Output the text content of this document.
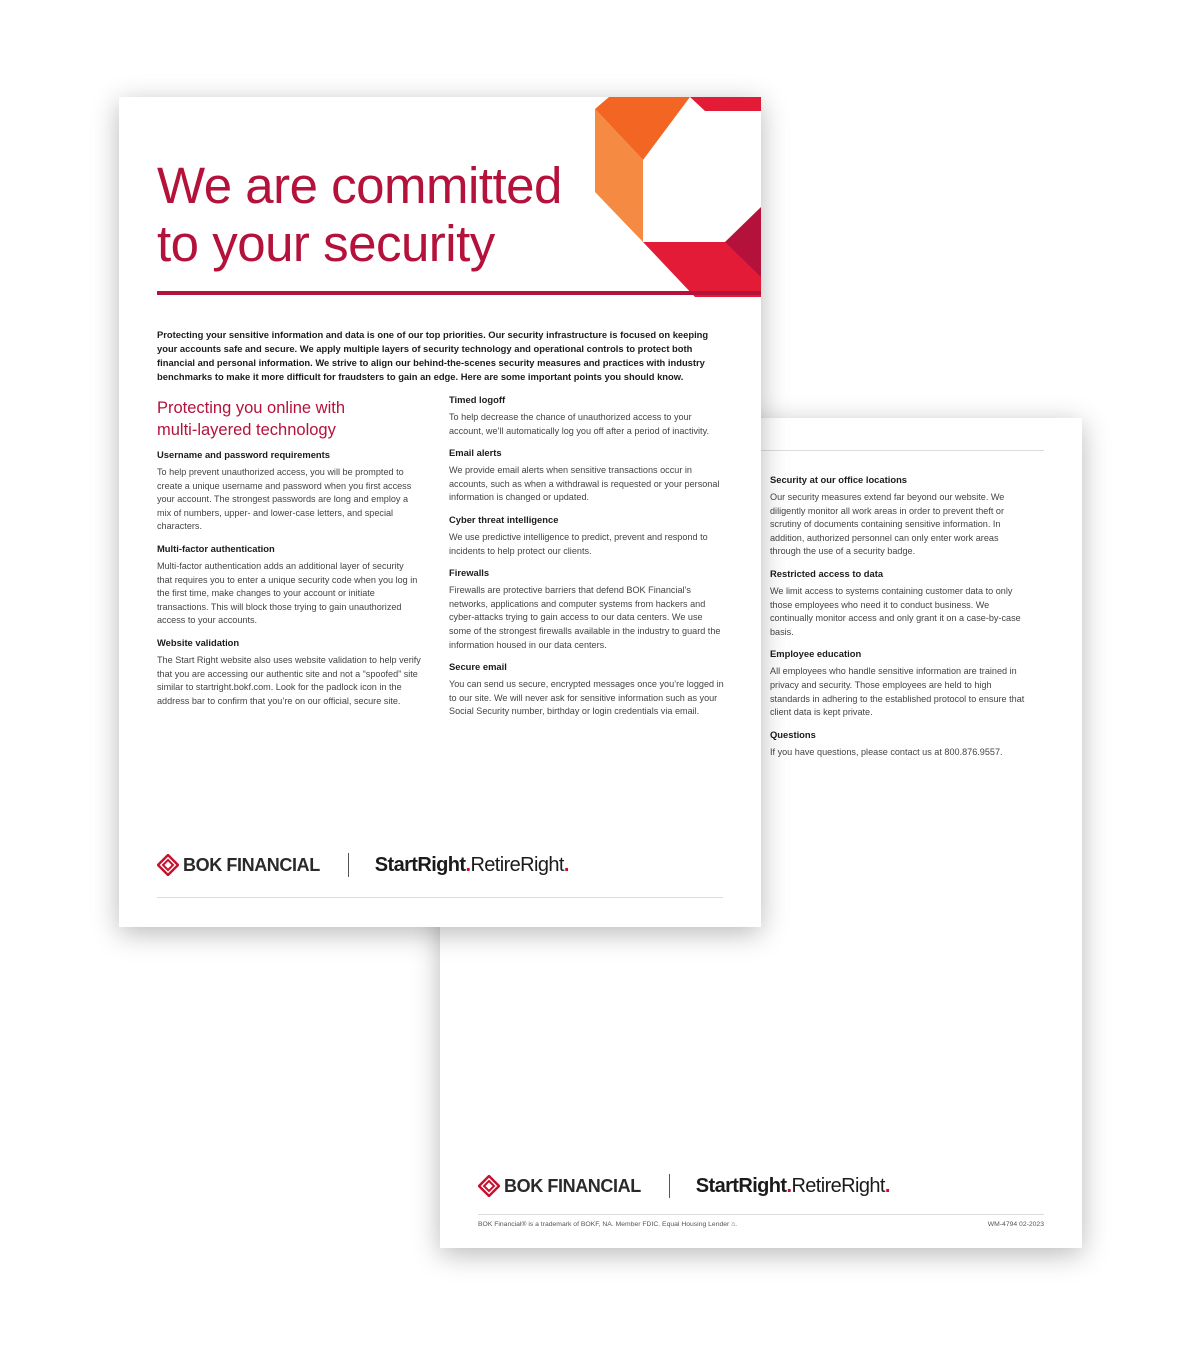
Security at our office locations

Our security measures extend far beyond our website. We diligently monitor all work areas in order to prevent theft or scrutiny of documents containing sensitive information. In addition, authorized personnel can only enter work areas through the use of a security badge.

Restricted access to data

We limit access to systems containing customer data to only those employees who need it to conduct business. We continually monitor access and only grant it on a case-by-case basis.

Employee education

All employees who handle sensitive information are trained in privacy and security. Those employees are held to high standards in adhering to the established protocol to ensure that client data is kept private.

Questions

If you have questions, please contact us at 800.876.9557.

BOK FINANCIAL	StartRight.RetireRight.
BOK Financial® is a trademark of BOKF, NA. Member FDIC. Equal Housing Lender ⌂.	WM-4794 02-2023
We are committed
to your security

Protecting your sensitive information and data is one of our top priorities. Our security infrastructure is focused on keeping your accounts safe and secure. We apply multiple layers of security technology and operational controls to protect both financial and personal information. We strive to align our behind-the-scenes security measures and practices with industry benchmarks to make it more difficult for fraudsters to gain an edge. Here are some important points you should know.

Protecting you online with
multi-layered technology

Username and password requirements

To help prevent unauthorized access, you will be prompted to create a unique username and password when you first access your account. The strongest passwords are long and employ a mix of numbers, upper- and lower-case letters, and special characters.

Multi-factor authentication

Multi-factor authentication adds an additional layer of security that requires you to enter a unique security code when you log in the first time, make changes to your account or initiate transactions. This will block those trying to gain unauthorized access to your accounts.

Website validation

The Start Right website also uses website validation to help verify that you are accessing our authentic site and not a “spoofed” site similar to startright.bokf.com. Look for the padlock icon in the address bar to confirm that you’re on our official, secure site.

Timed logoff

To help decrease the chance of unauthorized access to your account, we’ll automatically log you off after a period of inactivity.

Email alerts

We provide email alerts when sensitive transactions occur in accounts, such as when a withdrawal is requested or your personal information is changed or updated.

Cyber threat intelligence

We use predictive intelligence to predict, prevent and respond to incidents to help protect our clients.

Firewalls

Firewalls are protective barriers that defend BOK Financial’s networks, applications and computer systems from hackers and cyber-attacks trying to gain access to our data centers. We use some of the strongest firewalls available in the industry to guard the information housed in our data centers.

Secure email

You can send us secure, encrypted messages once you’re logged in to our site. We will never ask for sensitive information such as your Social Security number, birthday or login credentials via email.

BOK FINANCIAL	StartRight.RetireRight.
